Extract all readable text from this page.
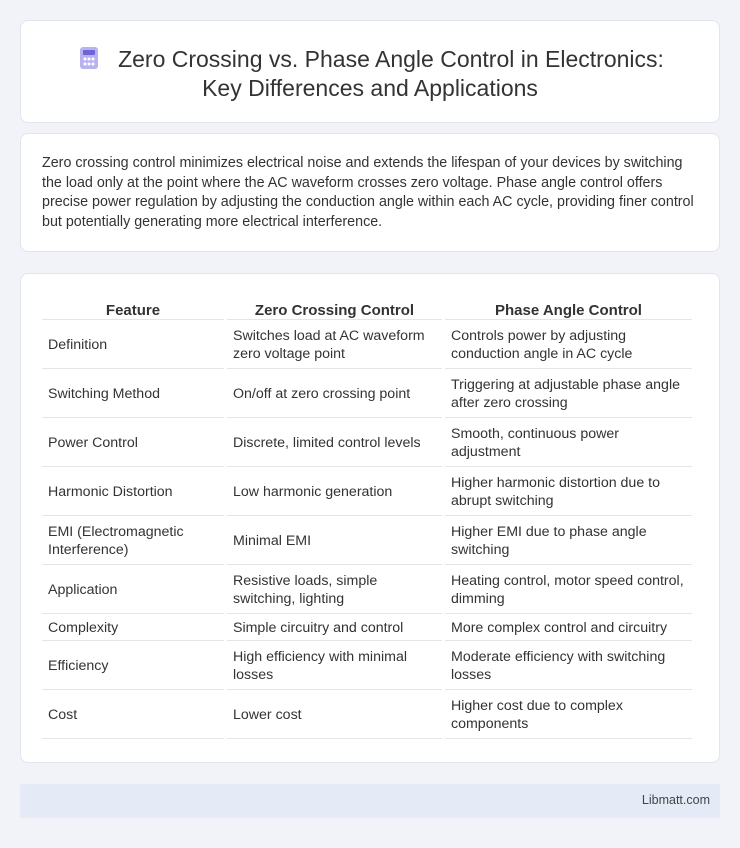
Zero Crossing vs. Phase Angle Control in Electronics:
Key Differences and Applications

Zero crossing control minimizes electrical noise and extends the lifespan of your devices by switching the load only at the point where the AC waveform crosses zero voltage. Phase angle control offers precise power regulation by adjusting the conduction angle within each AC cycle, providing finer control but potentially generating more electrical interference.

Feature	Zero Crossing Control	Phase Angle Control
Definition	Switches load at AC waveform zero voltage point	Controls power by adjusting conduction angle in AC cycle
Switching Method	On/off at zero crossing point	Triggering at adjustable phase angle after zero crossing
Power Control	Discrete, limited control levels	Smooth, continuous power adjustment
Harmonic Distortion	Low harmonic generation	Higher harmonic distortion due to abrupt switching
EMI (Electromagnetic Interference)	Minimal EMI	Higher EMI due to phase angle switching
Application	Resistive loads, simple switching, lighting	Heating control, motor speed control, dimming
Complexity	Simple circuitry and control	More complex control and circuitry
Efficiency	High efficiency with minimal losses	Moderate efficiency with switching losses
Cost	Lower cost	Higher cost due to complex components
Libmatt.com
